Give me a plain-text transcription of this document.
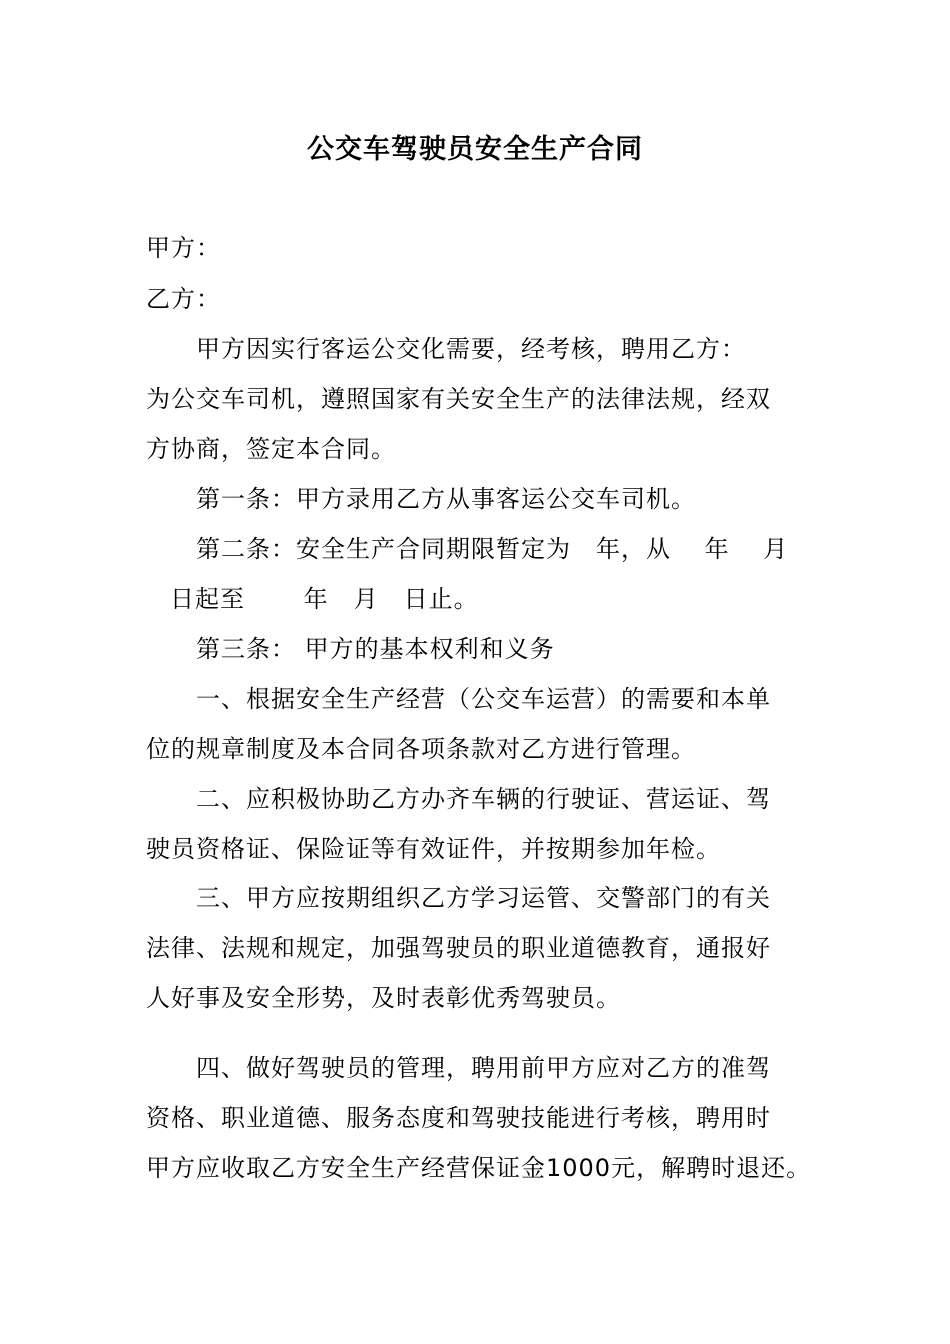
公交车驾驶员安全生产合同
甲方：
乙方：
甲方因实行客运公交化需要，经考核，聘用乙方：
为公交车司机，遵照国家有关安全生产的法律法规，经双
方协商，签定本合同。
第一条：甲方录用乙方从事客运公交车司机。
第二条：安全生产合同期限暂定为　年，从　 年　 月
日起至　　 年　月　日止。
第三条： 甲方的基本权利和义务
一、根据安全生产经营（公交车运营）的需要和本单
位的规章制度及本合同各项条款对乙方进行管理。
二、应积极协助乙方办齐车辆的行驶证、营运证、驾
驶员资格证、保险证等有效证件，并按期参加年检。
三、甲方应按期组织乙方学习运管、交警部门的有关
法律、法规和规定，加强驾驶员的职业道德教育，通报好
人好事及安全形势，及时表彰优秀驾驶员。
四、做好驾驶员的管理，聘用前甲方应对乙方的准驾
资格、职业道德、服务态度和驾驶技能进行考核，聘用时
甲方应收取乙方安全生产经营保证金1000元，解聘时退还。
